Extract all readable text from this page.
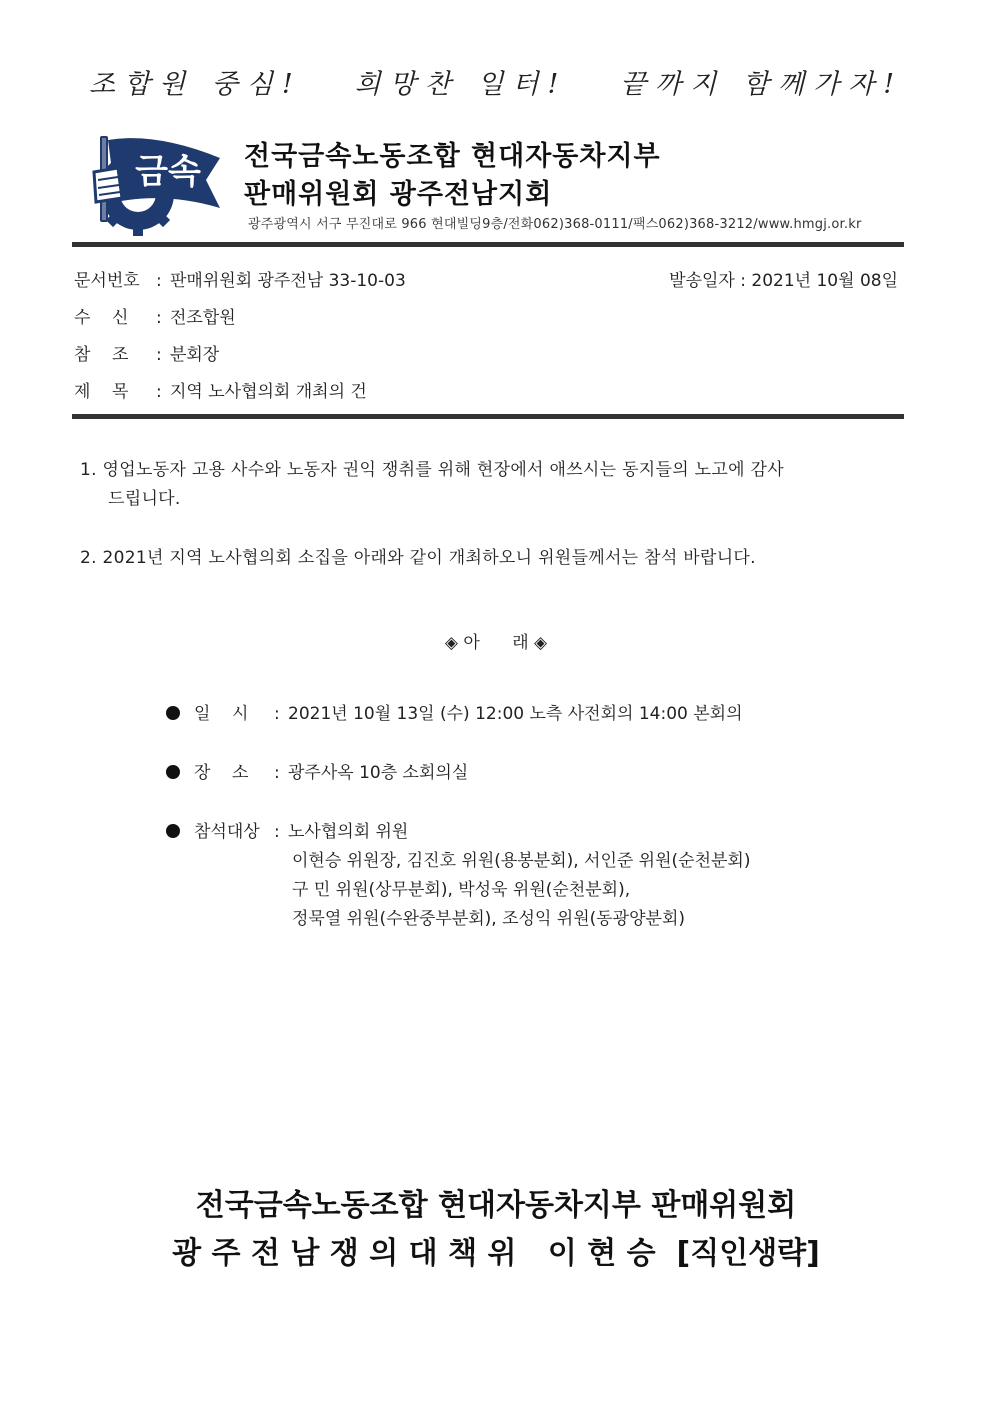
조합원 중심!   희망찬 일터!   끝까지 함께가자!
금속 전국금속노동조합 현대자동차지부
판매위원회 광주전남지회
광주광역시 서구 무진대로 966 현대빌딩9층/전화062)368-0111/팩스062)368-3212/www.hmgj.or.kr
문서번호 : 판매위원회 광주전남 33-10-03	발송일자 : 2021년 10월 08일
수    신 : 전조합원
참    조 : 분회장
제    목 : 지역 노사협의회 개최의 건
1. 영업노동자 고용 사수와 노동자 권익 쟁취를 위해 현장에서 애쓰시는 동지들의 노고에 감사
드립니다.
2. 2021년 지역 노사협의회 소집을 아래와 같이 개최하오니 위원들께서는 참석 바랍니다.
◈ 아      래 ◈
일    시 : 2021년 10월 13일 (수) 12:00 노측 사전회의 14:00 본회의
장    소 : 광주사옥 10층 소회의실
참석대상 : 노사협의회 위원
이현승 위원장, 김진호 위원(용봉분회), 서인준 위원(순천분회)
구 민 위원(상무분회), 박성욱 위원(순천분회),
정묵열 위원(수완중부분회), 조성익 위원(동광양분회)
전국금속노동조합 현대자동차지부 판매위원회
광 주 전 남 쟁 의 대 책 위   이 현 승  [직인생략]
